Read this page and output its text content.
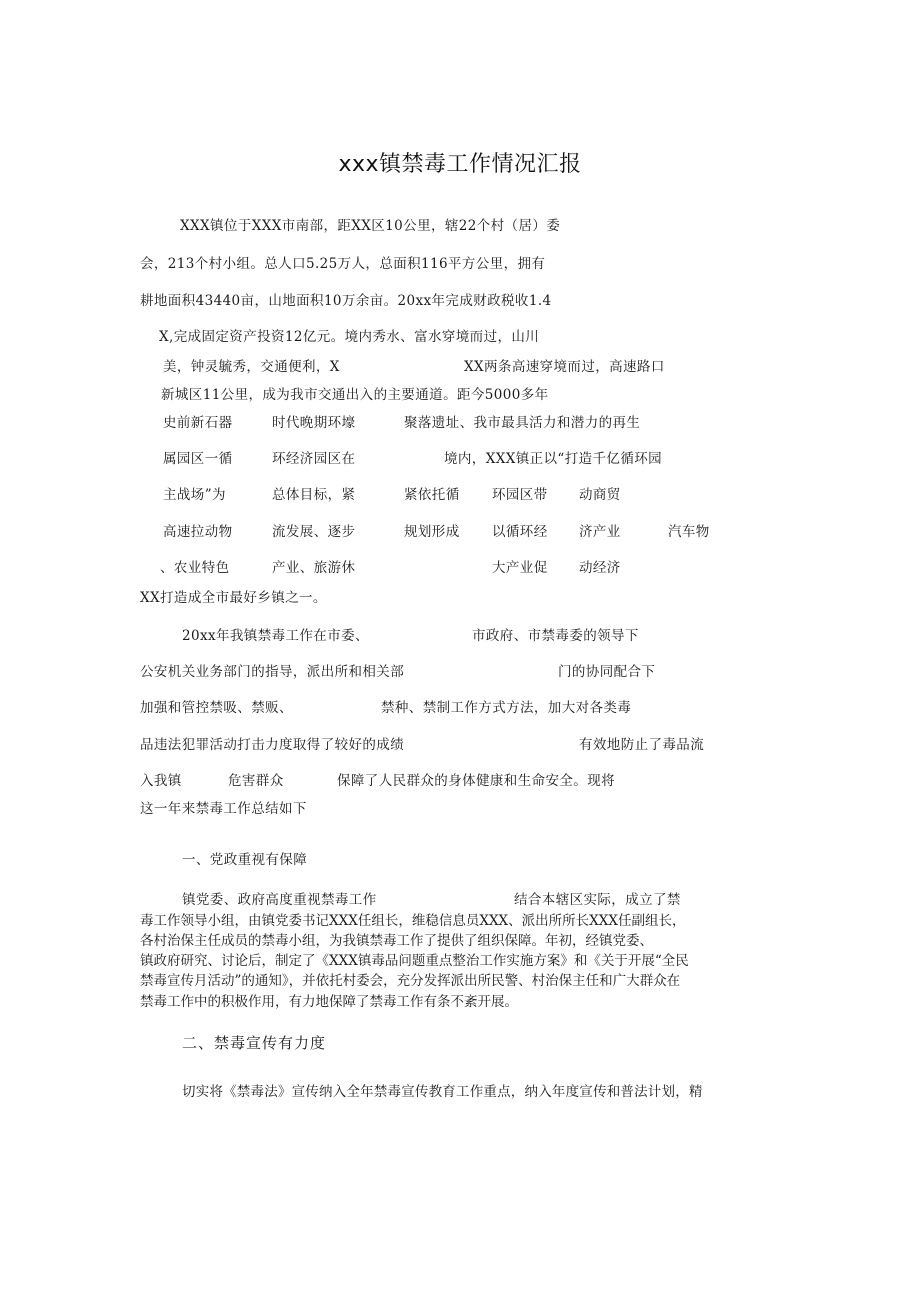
xxx镇禁毒工作情况汇报
XXX镇位于XXX市南部，距XX区10公里，辖22个村（居）委
会，213个村小组。总人口5.25万人，总面积116平方公里，拥有
耕地面积43440亩，山地面积10万余亩。20xx年完成财政税收1.4
X,完成固定资产投资12亿元。境内秀水、富水穿境而过，山川
美，钟灵毓秀，交通便利，X	XX两条高速穿境而过，高速路口
新城区11公里，成为我市交通出入的主要通道。距今5000多年
史前新石器	时代晚期环壕	聚落遗址、我市最具活力和潜力的再生
属园区一循	环经济园区在	境内，XXX镇正以“打造千亿循环园
主战场”为	总体目标，紧	紧依托循 环园区带 动商贸
高速拉动物	流发展、逐步	规划形成 以循环经 济产业	汽车物
、农业特色	产业、旅游休	大产业促 动经济
XX打造成全市最好乡镇之一。
20xx年我镇禁毒工作在市委、	市政府、市禁毒委的领导下
公安机关业务部门的指导，派出所和相关部	门的协同配合下
加强和管控禁吸、禁贩、	禁种、禁制工作方式方法，加大对各类毒
品违法犯罪活动打击力度取得了较好的成绩	有效地防止了毒品流
入我镇	危害群众	保障了人民群众的身体健康和生命安全。现将
这一年来禁毒工作总结如下
一、党政重视有保障
镇党委、政府高度重视禁毒工作	结合本辖区实际，成立了禁
毒工作领导小组，由镇党委书记XXX任组长，维稳信息员XXX、派出所所长XXX任副组长，
各村治保主任成员的禁毒小组，为我镇禁毒工作了提供了组织保障。年初，经镇党委、
镇政府研究、讨论后，制定了《XXX镇毒品问题重点整治工作实施方案》和《关于开展“全民
禁毒宣传月活动”的通知》，并依托村委会，充分发挥派出所民警、村治保主任和广大群众在
禁毒工作中的积极作用，有力地保障了禁毒工作有条不紊开展。
二、禁毒宣传有力度
切实将《禁毒法》宣传纳入全年禁毒宣传教育工作重点，纳入年度宣传和普法计划，精
